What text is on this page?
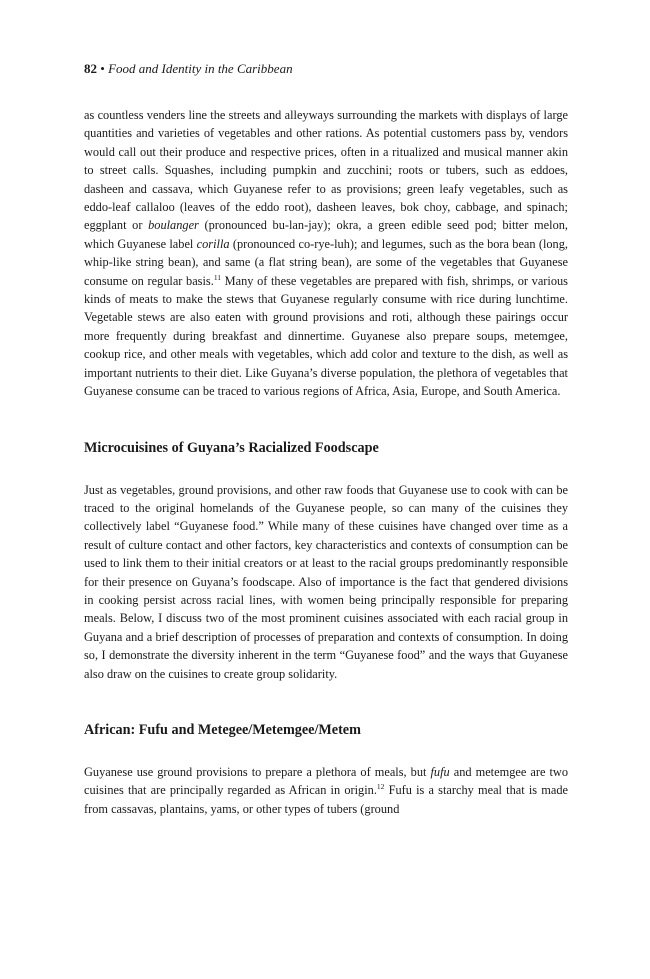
82 • Food and Identity in the Caribbean

as countless venders line the streets and alleyways surrounding the markets with displays of large quantities and varieties of vegetables and other rations. As potential customers pass by, vendors would call out their produce and respective prices, often in a ritualized and musical manner akin to street calls. Squashes, including pumpkin and zucchini; roots or tubers, such as eddoes, dasheen and cassava, which Guyanese refer to as provisions; green leafy vegetables, such as eddo-leaf callaloo (leaves of the eddo root), dasheen leaves, bok choy, cabbage, and spinach; eggplant or boulanger (pronounced bu-lan-jay); okra, a green edible seed pod; bitter melon, which Guyanese label corilla (pronounced co-rye-luh); and legumes, such as the bora bean (long, whip-like string bean), and same (a flat string bean), are some of the vegetables that Guyanese consume on regular basis.$^{11}$ Many of these vegetables are prepared with fish, shrimps, or various kinds of meats to make the stews that Guyanese regularly consume with rice during lunchtime. Vegetable stews are also eaten with ground provisions and roti, although these pairings occur more frequently during breakfast and dinnertime. Guyanese also prepare soups, metemgee, cookup rice, and other meals with vegetables, which add color and texture to the dish, as well as important nutrients to their diet. Like Guyana’s diverse population, the plethora of vegetables that Guyanese consume can be traced to various regions of Africa, Asia, Europe, and South America.

Microcuisines of Guyana’s Racialized Foodscape

Just as vegetables, ground provisions, and other raw foods that Guyanese use to cook with can be traced to the original homelands of the Guyanese people, so can many of the cuisines they collectively label “Guyanese food.” While many of these cuisines have changed over time as a result of culture contact and other factors, key characteristics and contexts of consumption can be used to link them to their initial creators or at least to the racial groups predominantly responsible for their presence on Guyana’s foodscape. Also of importance is the fact that gendered divisions in cooking persist across racial lines, with women being principally responsible for preparing meals. Below, I discuss two of the most prominent cuisines associated with each racial group in Guyana and a brief description of processes of preparation and contexts of consumption. In doing so, I demonstrate the diversity inherent in the term “Guyanese food” and the ways that Guyanese also draw on the cuisines to create group solidarity.

African: Fufu and Metegee/Metemgee/Metem

Guyanese use ground provisions to prepare a plethora of meals, but fufu and metemgee are two cuisines that are principally regarded as African in origin.$^{12}$ Fufu is a starchy meal that is made from cassavas, plantains, yams, or other types of tubers (ground
